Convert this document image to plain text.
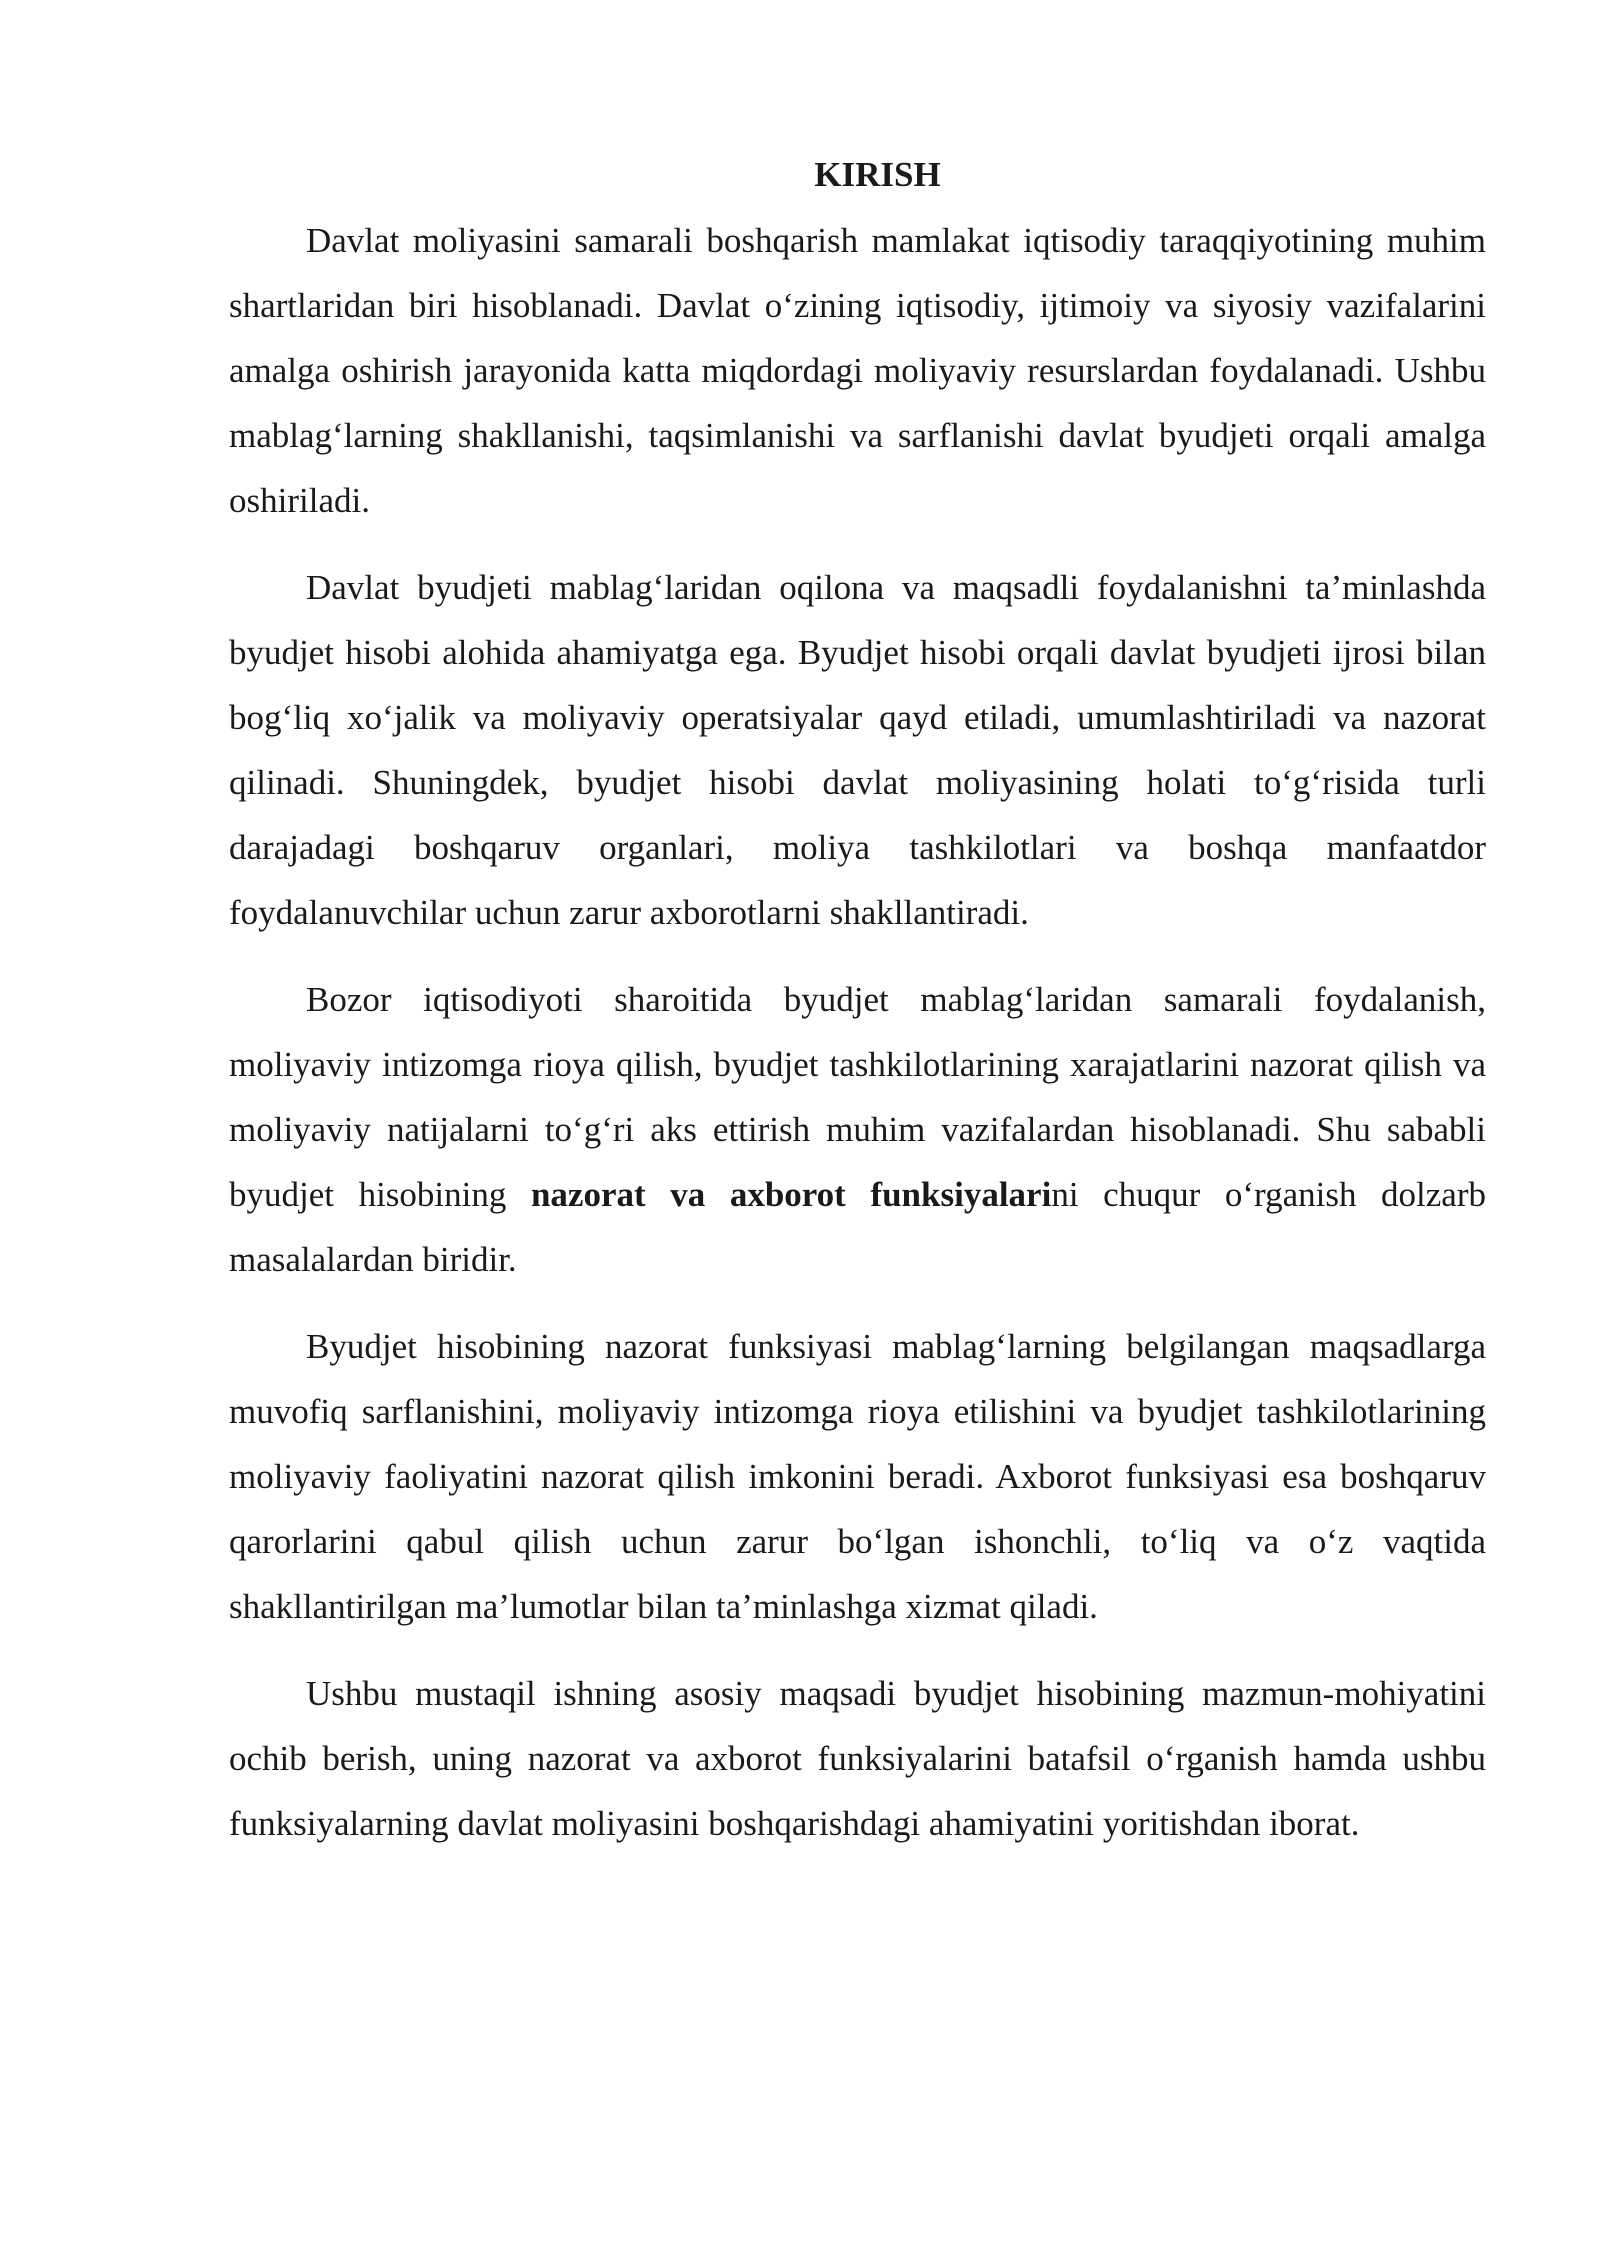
KIRISH

Davlat moliyasini samarali boshqarish mamlakat iqtisodiy taraqqiyotining muhim shartlaridan biri hisoblanadi. Davlat o‘zining iqtisodiy, ijtimoiy va siyosiy vazifalarini amalga oshirish jarayonida katta miqdordagi moliyaviy resurslardan foydalanadi. Ushbu mablag‘larning shakllanishi, taqsimlanishi va sarflanishi davlat byudjeti orqali amalga oshiriladi.

Davlat byudjeti mablag‘laridan oqilona va maqsadli foydalanishni ta’minlashda byudjet hisobi alohida ahamiyatga ega. Byudjet hisobi orqali davlat byudjeti ijrosi bilan bog‘liq xo‘jalik va moliyaviy operatsiyalar qayd etiladi, umumlashtiriladi va nazorat qilinadi. Shuningdek, byudjet hisobi davlat moliyasining holati to‘g‘risida turli darajadagi boshqaruv organlari, moliya tashkilotlari va boshqa manfaatdor foydalanuvchilar uchun zarur axborotlarni shakllantiradi.

Bozor iqtisodiyoti sharoitida byudjet mablag‘laridan samarali foydalanish, moliyaviy intizomga rioya qilish, byudjet tashkilotlarining xarajatlarini nazorat qilish va moliyaviy natijalarni to‘g‘ri aks ettirish muhim vazifalardan hisoblanadi. Shu sababli byudjet hisobining nazorat va axborot funksiyalarini chuqur o‘rganish dolzarb masalalardan biridir.

Byudjet hisobining nazorat funksiyasi mablag‘larning belgilangan maqsadlarga muvofiq sarflanishini, moliyaviy intizomga rioya etilishini va byudjet tashkilotlarining moliyaviy faoliyatini nazorat qilish imkonini beradi. Axborot funksiyasi esa boshqaruv qarorlarini qabul qilish uchun zarur bo‘lgan ishonchli, to‘liq va o‘z vaqtida shakllantirilgan ma’lumotlar bilan ta’minlashga xizmat qiladi.

Ushbu mustaqil ishning asosiy maqsadi byudjet hisobining mazmun-mohiyatini ochib berish, uning nazorat va axborot funksiyalarini batafsil o‘rganish hamda ushbu funksiyalarning davlat moliyasini boshqarishdagi ahamiyatini yoritishdan iborat.
